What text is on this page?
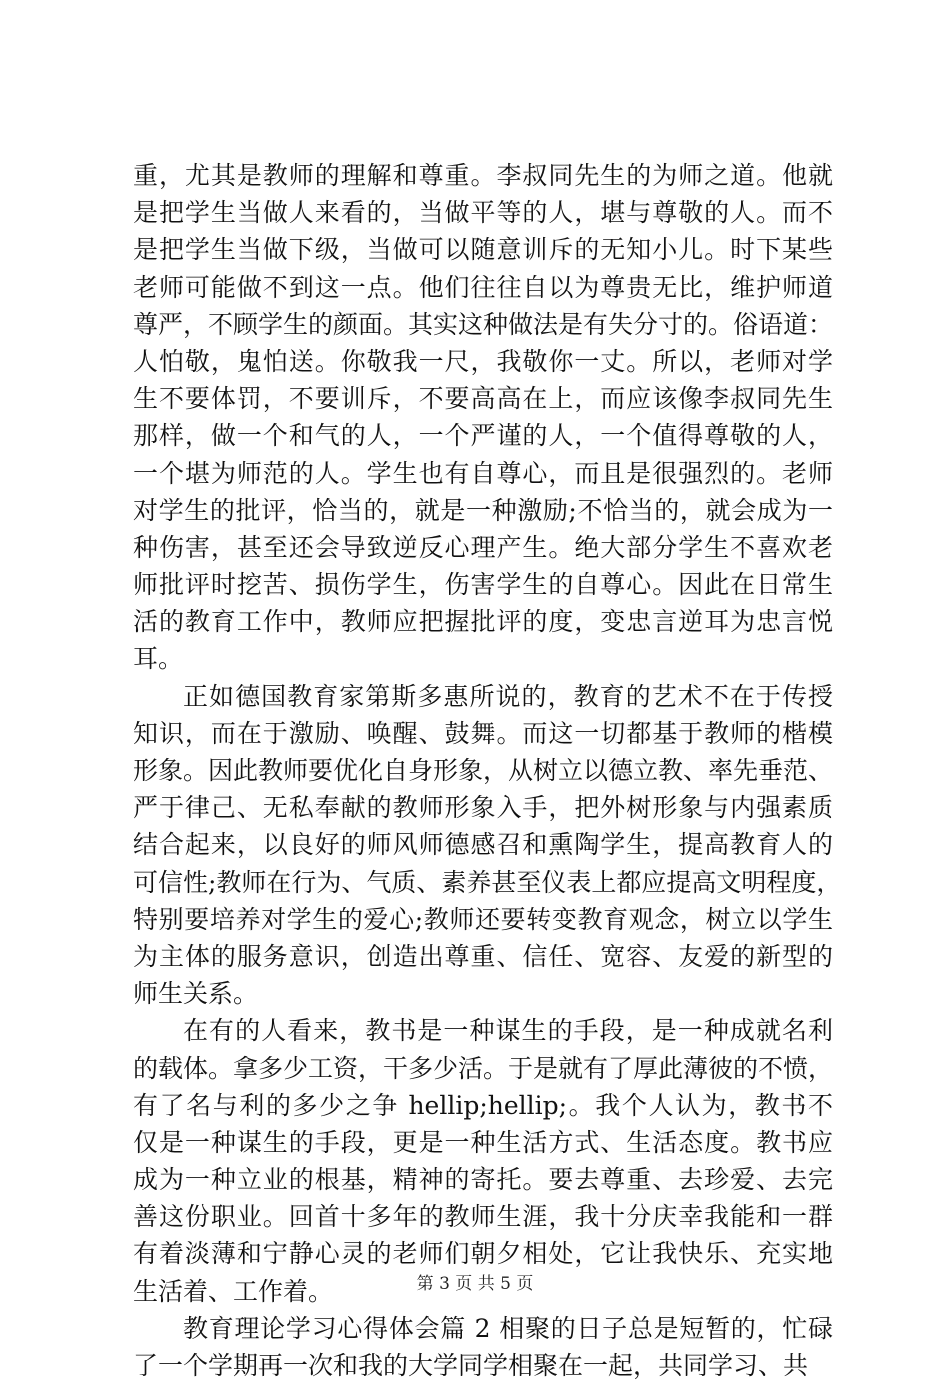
重，尤其是教师的理解和尊重。李叔同先生的为师之道。他就
是把学生当做人来看的，当做平等的人，堪与尊敬的人。而不
是把学生当做下级，当做可以随意训斥的无知小儿。时下某些
老师可能做不到这一点。他们往往自以为尊贵无比，维护师道
尊严，不顾学生的颜面。其实这种做法是有失分寸的。俗语道：
人怕敬，鬼怕送。你敬我一尺，我敬你一丈。所以，老师对学
生不要体罚，不要训斥，不要高高在上，而应该像李叔同先生
那样，做一个和气的人，一个严谨的人，一个值得尊敬的人，
一个堪为师范的人。学生也有自尊心，而且是很强烈的。老师
对学生的批评，恰当的，就是一种激励;不恰当的，就会成为一
种伤害，甚至还会导致逆反心理产生。绝大部分学生不喜欢老
师批评时挖苦、损伤学生，伤害学生的自尊心。因此在日常生
活的教育工作中，教师应把握批评的度，变忠言逆耳为忠言悦
耳。
正如德国教育家第斯多惠所说的，教育的艺术不在于传授
知识，而在于激励、唤醒、鼓舞。而这一切都基于教师的楷模
形象。因此教师要优化自身形象，从树立以德立教、率先垂范、
严于律己、无私奉献的教师形象入手，把外树形象与内强素质
结合起来，以良好的师风师德感召和熏陶学生，提高教育人的
可信性;教师在行为、气质、素养甚至仪表上都应提高文明程度，
特别要培养对学生的爱心;教师还要转变教育观念，树立以学生
为主体的服务意识，创造出尊重、信任、宽容、友爱的新型的
师生关系。
在有的人看来，教书是一种谋生的手段，是一种成就名利
的载体。拿多少工资，干多少活。于是就有了厚此薄彼的不愤，
有了名与利的多少之争 hellip;hellip;。我个人认为，教书不
仅是一种谋生的手段，更是一种生活方式、生活态度。教书应
成为一种立业的根基，精神的寄托。要去尊重、去珍爱、去完
善这份职业。回首十多年的教师生涯，我十分庆幸我能和一群
有着淡薄和宁静心灵的老师们朝夕相处，它让我快乐、充实地
生活着、工作着。
教育理论学习心得体会篇 2 相聚的日子总是短暂的，忙碌
了一个学期再一次和我的大学同学相聚在一起，共同学习、共
第 3 页 共 5 页
